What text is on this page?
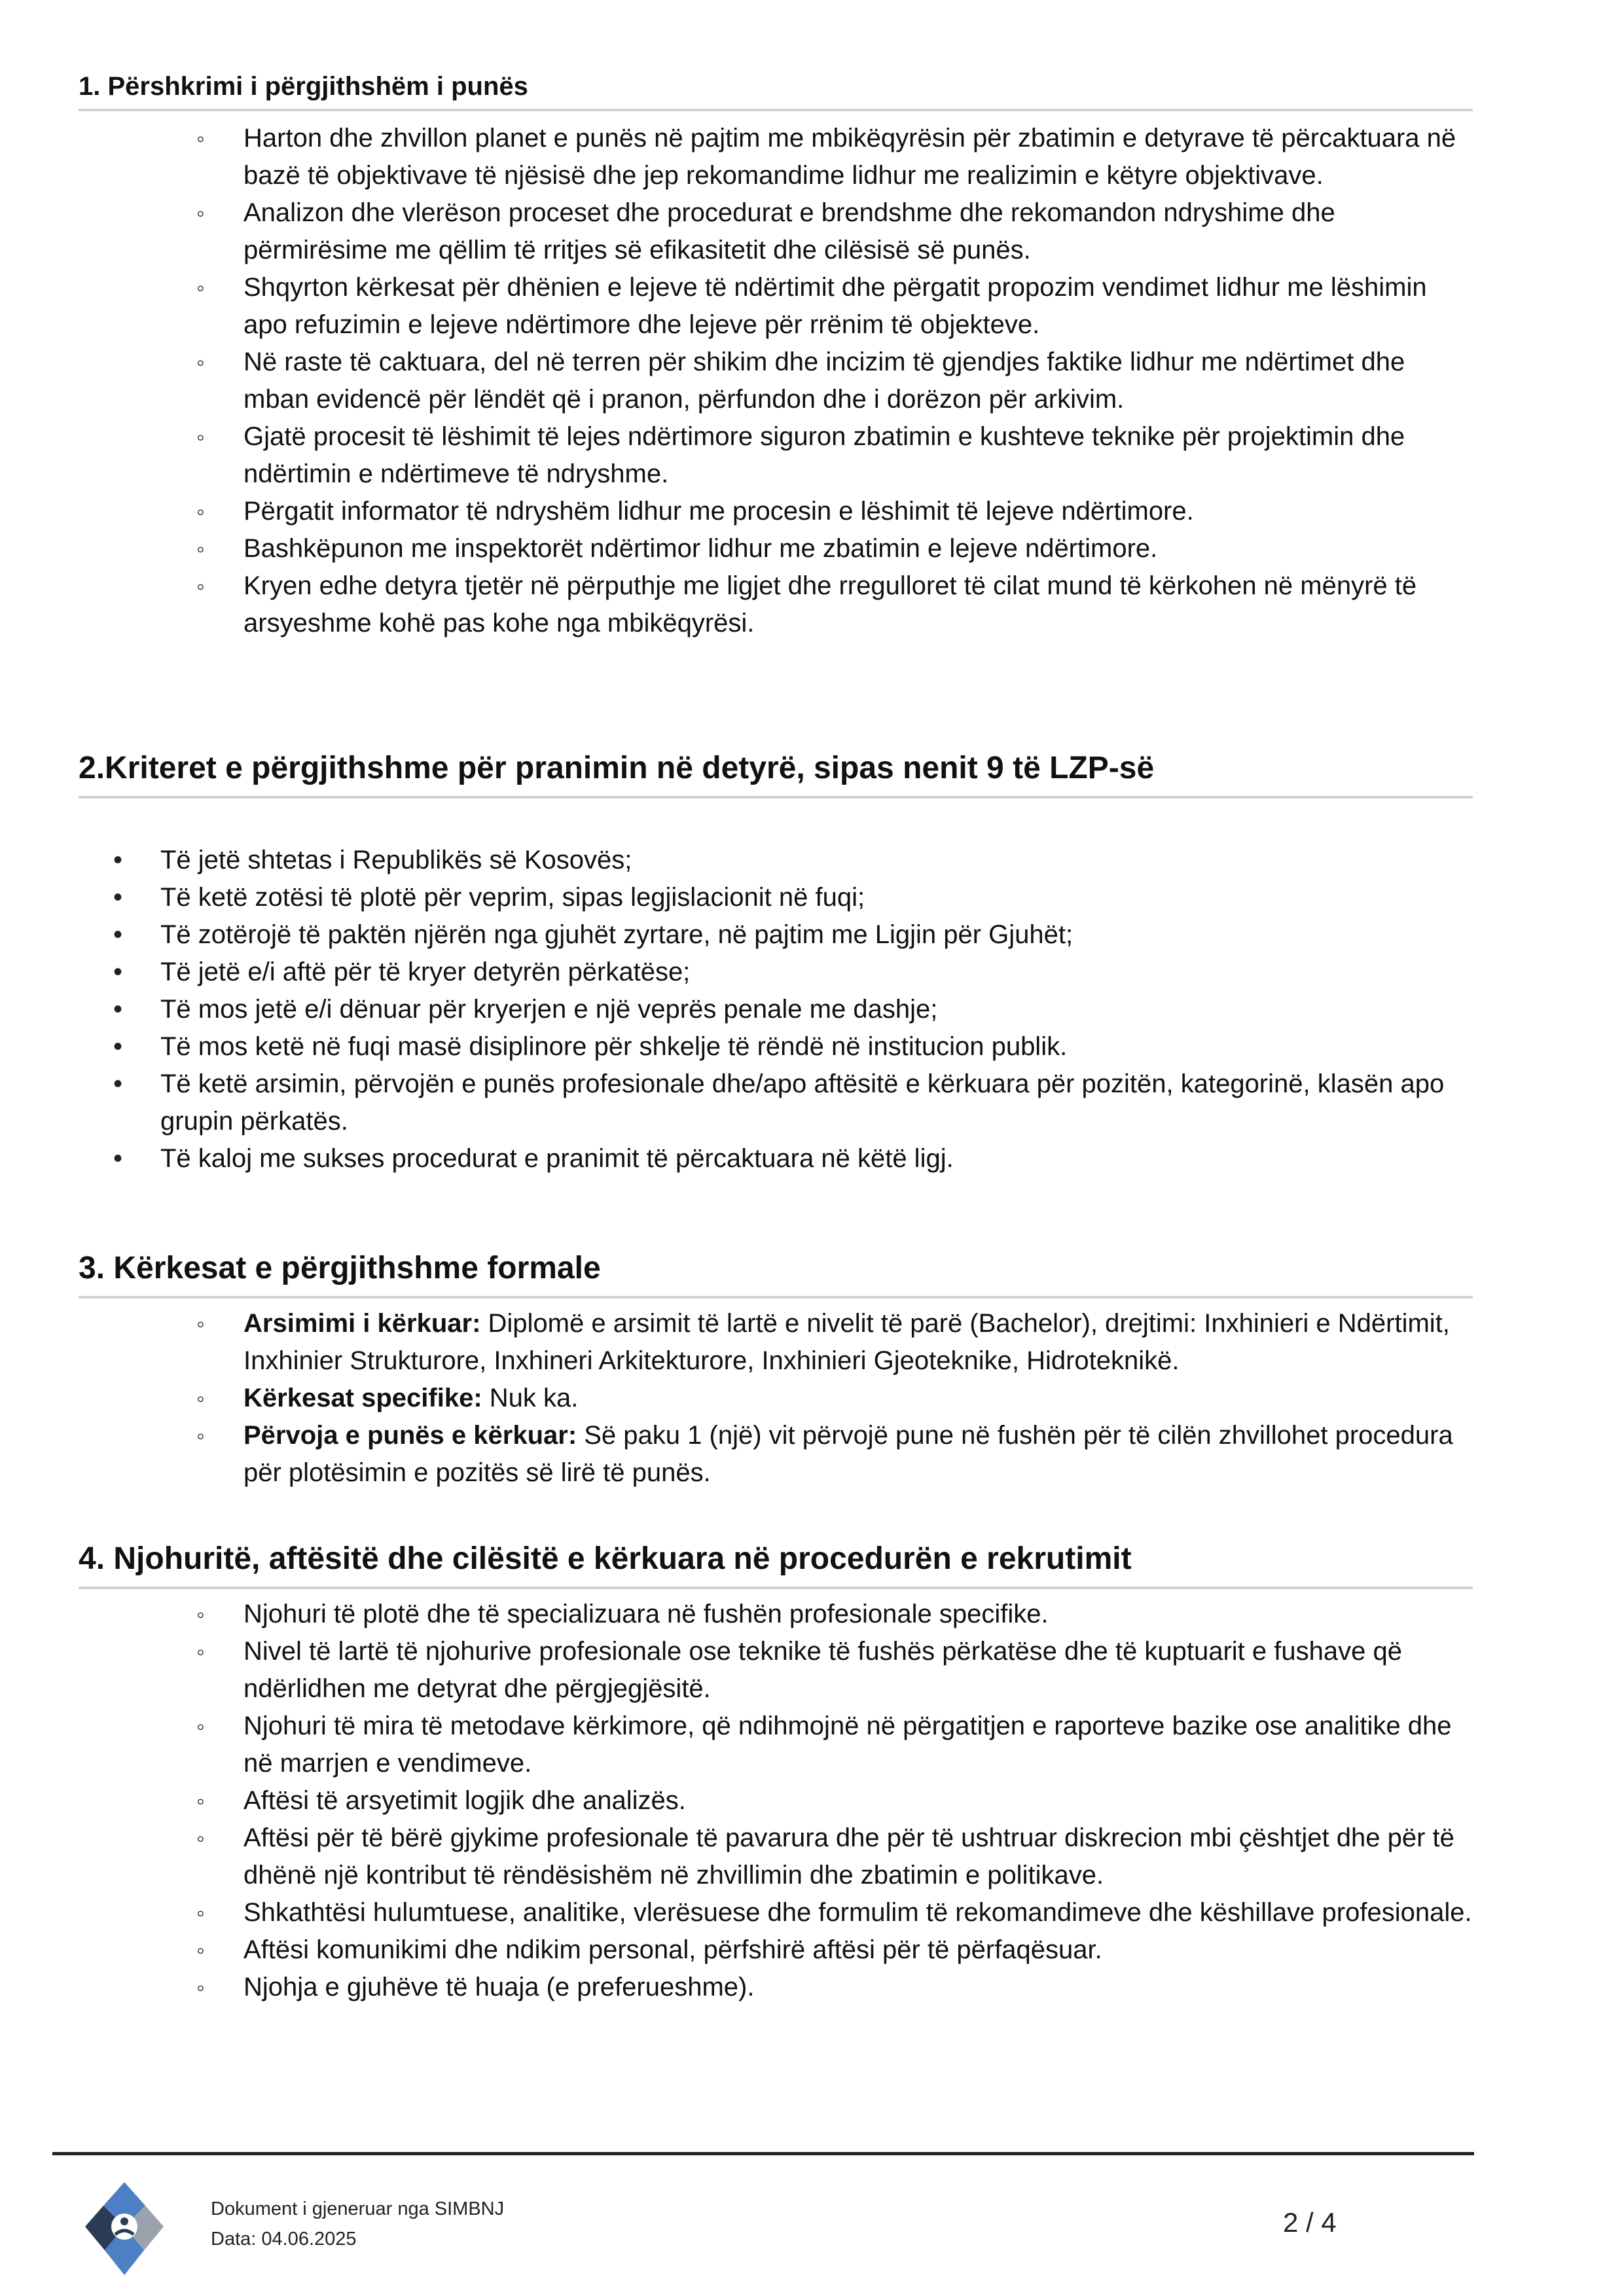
1. Përshkrimi i përgjithshëm i punës
◦ Harton dhe zhvillon planet e punës në pajtim me mbikëqyrësin për zbatimin e detyrave të përcaktuara në bazë të objektivave të njësisë dhe jep rekomandime lidhur me realizimin e këtyre objektivave.
◦ Analizon dhe vlerëson proceset dhe procedurat e brendshme dhe rekomandon ndryshime dhe përmirësime me qëllim të rritjes së efikasitetit dhe cilësisë së punës.
◦ Shqyrton kërkesat për dhënien e lejeve të ndërtimit dhe përgatit propozim vendimet lidhur me lëshimin apo refuzimin e lejeve ndërtimore dhe lejeve për rrënim të objekteve.
◦ Në raste të caktuara, del në terren për shikim dhe incizim të gjendjes faktike lidhur me ndërtimet dhe mban evidencë për lëndët që i pranon, përfundon dhe i dorëzon për arkivim.
◦ Gjatë procesit të lëshimit të lejes ndërtimore siguron zbatimin e kushteve teknike për projektimin dhe ndërtimin e ndërtimeve të ndryshme.
◦ Përgatit informator të ndryshëm lidhur me procesin e lëshimit të lejeve ndërtimore.
◦ Bashkëpunon me inspektorët ndërtimor lidhur me zbatimin e lejeve ndërtimore.
◦ Kryen edhe detyra tjetër në përputhje me ligjet dhe rregulloret të cilat mund të kërkohen në mënyrë të arsyeshme kohë pas kohe nga mbikëqyrësi.
2.Kriteret e përgjithshme për pranimin në detyrë, sipas nenit 9 të LZP-së
• Të jetë shtetas i Republikës së Kosovës;
• Të ketë zotësi të plotë për veprim, sipas legjislacionit në fuqi;
• Të zotërojë të paktën njërën nga gjuhët zyrtare, në pajtim me Ligjin për Gjuhët;
• Të jetë e/i aftë për të kryer detyrën përkatëse;
• Të mos jetë e/i dënuar për kryerjen e një veprës penale me dashje;
• Të mos ketë në fuqi masë disiplinore për shkelje të rëndë në institucion publik.
• Të ketë arsimin, përvojën e punës profesionale dhe/apo aftësitë e kërkuara për pozitën, kategorinë, klasën apo grupin përkatës.
• Të kaloj me sukses procedurat e pranimit të përcaktuara në këtë ligj.
3. Kërkesat e përgjithshme formale
◦ Arsimimi i kërkuar: Diplomë e arsimit të lartë e nivelit të parë (Bachelor), drejtimi: Inxhinieri e Ndërtimit, Inxhinier Strukturore, Inxhineri Arkitekturore, Inxhinieri Gjeoteknike, Hidroteknikë.
◦ Kërkesat specifike: Nuk ka.
◦ Përvoja e punës e kërkuar: Së paku 1 (një) vit përvojë pune në fushën për të cilën zhvillohet procedura për plotësimin e pozitës së lirë të punës.
4. Njohuritë, aftësitë dhe cilësitë e kërkuara në procedurën e rekrutimit
◦ Njohuri të plotë dhe të specializuara në fushën profesionale specifike.
◦ Nivel të lartë të njohurive profesionale ose teknike të fushës përkatëse dhe të kuptuarit e fushave që ndërlidhen me detyrat dhe përgjegjësitë.
◦ Njohuri të mira të metodave kërkimore, që ndihmojnë në përgatitjen e raporteve bazike ose analitike dhe në marrjen e vendimeve.
◦ Aftësi të arsyetimit logjik dhe analizës.
◦ Aftësi për të bërë gjykime profesionale të pavarura dhe për të ushtruar diskrecion mbi çështjet dhe për të dhënë një kontribut të rëndësishëm në zhvillimin dhe zbatimin e politikave.
◦ Shkathtësi hulumtuese, analitike, vlerësuese dhe formulim të rekomandimeve dhe këshillave profesionale.
◦ Aftësi komunikimi dhe ndikim personal, përfshirë aftësi për të përfaqësuar.
◦ Njohja e gjuhëve të huaja (e preferueshme).
Dokument i gjeneruar nga SIMBNJ
Data: 04.06.2025
2 / 4
